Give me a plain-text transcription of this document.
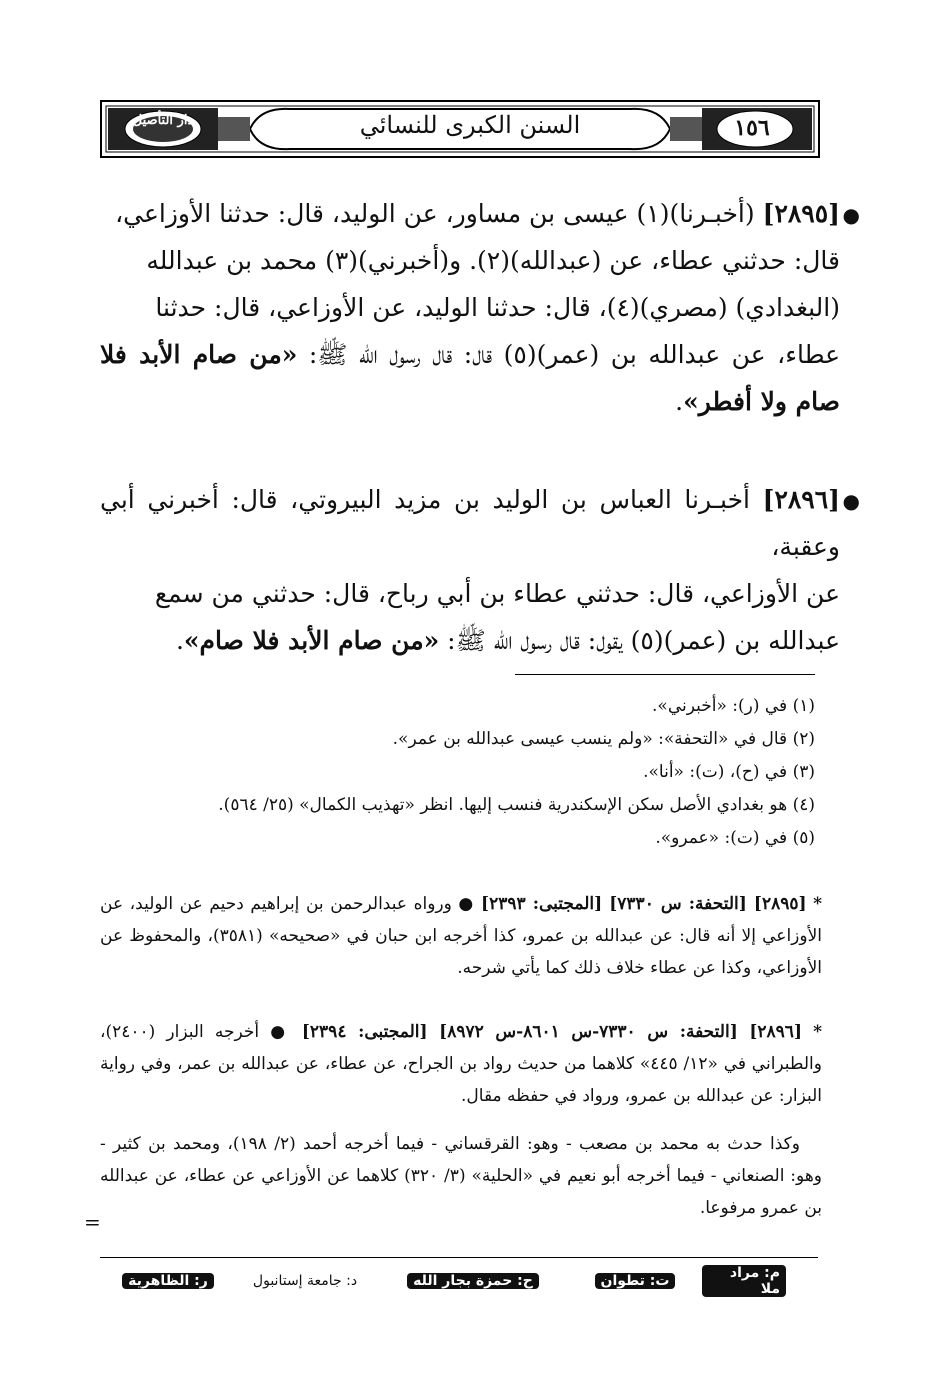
دار التأصيل	السنن الكبرى للنسائي	١٥٦
●
[٢٨٩٥] (أخبـرنا)(١) عيسى بن مساور، عن الوليد، قال: حدثنا الأوزاعي،
قال: حدثني عطاء، عن (عبدالله)(٢). و(أخبرني)(٣) محمد بن عبدالله
(البغدادي) (مصري)(٤)، قال: حدثنا الوليد، عن الأوزاعي، قال: حدثنا
عطاء، عن عبدالله بن (عمر)(٥) قال: قال رسول الله ﷺ: «من صام الأبد فلا صام ولا أفطر».
●
[٢٨٩٦] أخبـرنا العباس بن الوليد بن مزيد البيروتي، قال: أخبرني أبي وعقبة،
عن الأوزاعي، قال: حدثني عطاء بن أبي رباح، قال: حدثني من سمع
عبدالله بن (عمر)(٥) يقول: قال رسول الله ﷺ: «من صام الأبد فلا صام».
(١) في (ر): «أخبرني».
(٢) قال في «التحفة»: «ولم ينسب عيسى عبدالله بن عمر».
(٣) في (ح)، (ت): «أنا».
(٤) هو بغدادي الأصل سكن الإسكندرية فنسب إليها. انظر «تهذيب الكمال» (٢٥/ ٥٦٤).
(٥) في (ت): «عمرو».
* [٢٨٩٥] [التحفة: س ٧٣٣٠] [المجتبى: ٢٣٩٣] ● ورواه عبدالرحمن بن إبراهيم دحيم عن الوليد، عن الأوزاعي إلا أنه قال: عن عبدالله بن عمرو، كذا أخرجه ابن حبان في «صحيحه» (٣٥٨١)، والمحفوظ عن الأوزاعي، وكذا عن عطاء خلاف ذلك كما يأتي شرحه.
* [٢٨٩٦] [التحفة: س ٧٣٣٠-س ٨٦٠١-س ٨٩٧٢] [المجتبى: ٢٣٩٤] ● أخرجه البزار (٢٤٠٠)، والطبراني في «١٢/ ٤٤٥» كلاهما من حديث رواد بن الجراح، عن عطاء، عن عبدالله بن عمر، وفي رواية البزار: عن عبدالله بن عمرو، ورواد في حفظه مقال.
وكذا حدث به محمد بن مصعب - وهو: القرقساني - فيما أخرجه أحمد (٢/ ١٩٨)، ومحمد بن كثير - وهو: الصنعاني - فيما أخرجه أبو نعيم في «الحلية» (٣/ ٣٢٠) كلاهما عن الأوزاعي عن عطاء، عن عبدالله بن عمرو مرفوعا.
=
م: مراد ملا
ت: تطوان
ح: حمزة بجار الله
د: جامعة إستانبول
ر: الظاهرية
